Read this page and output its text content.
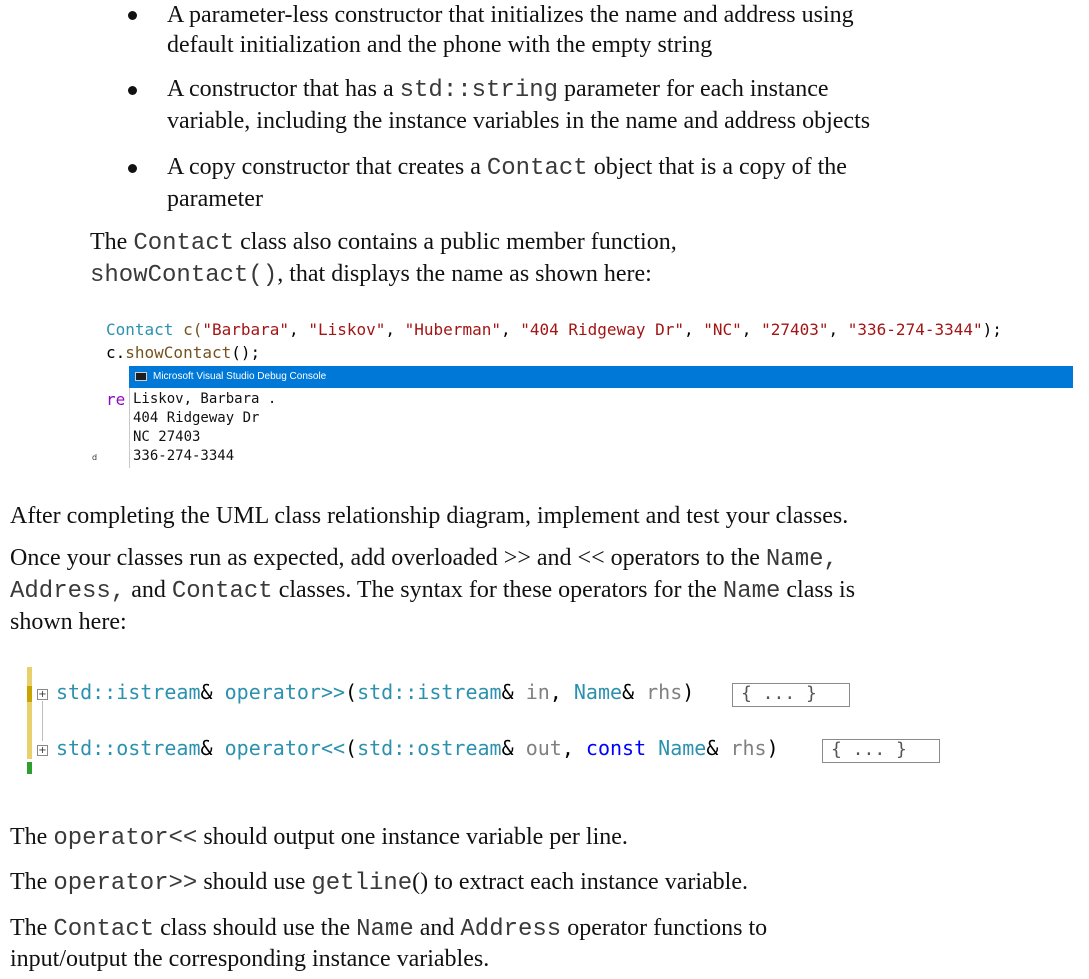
A parameter-less constructor that initializes the name and address using
default initialization and the phone with the empty string
A constructor that has a std::string parameter for each instance
variable, including the instance variables in the name and address objects
A copy constructor that creates a Contact object that is a copy of the
parameter
The Contact class also contains a public member function,
showContact(), that displays the name as shown here:
Contact c("Barbara", "Liskov", "Huberman", "404 Ridgeway Dr", "NC", "27403", "336-274-3344");
c.showContact();
re
d
Microsoft Visual Studio Debug Console
Liskov, Barbara .
404 Ridgeway Dr
NC 27403
336-274-3344
After completing the UML class relationship diagram, implement and test your classes.
Once your classes run as expected, add overloaded >> and << operators to the Name,
Address, and Contact classes. The syntax for these operators for the Name class is
shown here:
+ std::istream& operator>>(std::istream& in, Name& rhs)	{ ... }
+ std::ostream& operator<<(std::ostream& out, const Name& rhs)	{ ... }
The operator<< should output one instance variable per line.
The operator>> should use getline() to extract each instance variable.
The Contact class should use the Name and Address operator functions to
input/output the corresponding instance variables.
